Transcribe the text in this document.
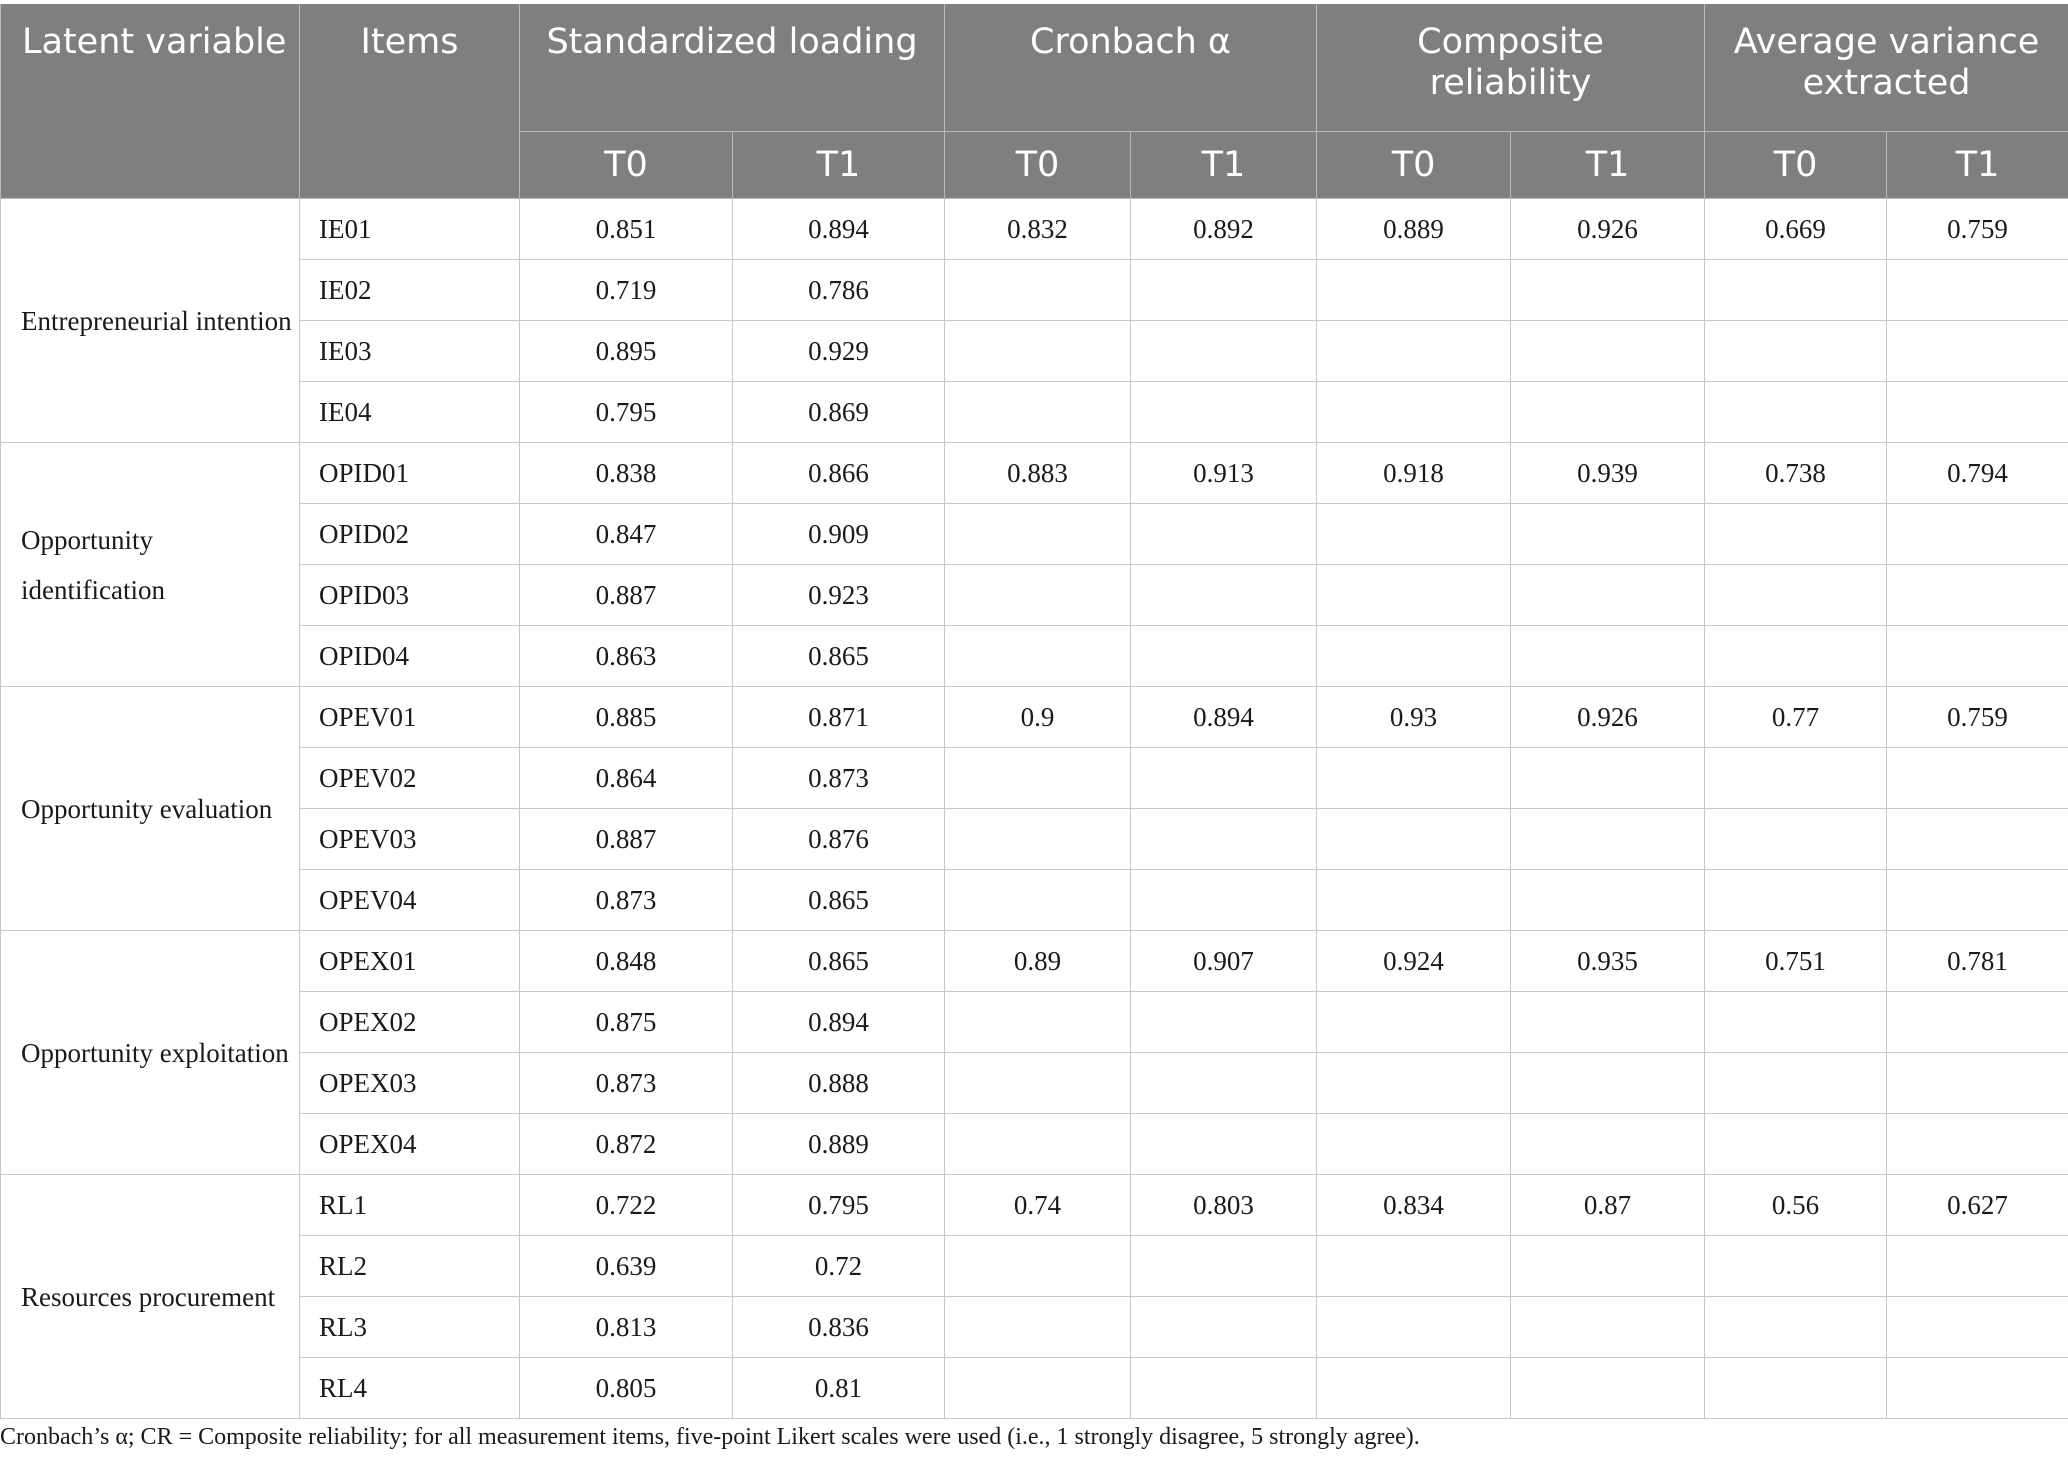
Latent variable	Items	Standardized loading		Cronbach α		Composite reliability		Average variance extracted	
		T0	T1	T0	T1	T0	T1	T0	T1
Entrepreneurial intention	IE01	0.851	0.894	0.832	0.892	0.889	0.926	0.669	0.759
	IE02	0.719	0.786						
	IE03	0.895	0.929						
	IE04	0.795	0.869						
Opportunity identification	OPID01	0.838	0.866	0.883	0.913	0.918	0.939	0.738	0.794
	OPID02	0.847	0.909						
	OPID03	0.887	0.923						
	OPID04	0.863	0.865						
Opportunity evaluation	OPEV01	0.885	0.871	0.9	0.894	0.93	0.926	0.77	0.759
	OPEV02	0.864	0.873						
	OPEV03	0.887	0.876						
	OPEV04	0.873	0.865						
Opportunity exploitation	OPEX01	0.848	0.865	0.89	0.907	0.924	0.935	0.751	0.781
	OPEX02	0.875	0.894						
	OPEX03	0.873	0.888						
	OPEX04	0.872	0.889						
Resources procurement	RL1	0.722	0.795	0.74	0.803	0.834	0.87	0.56	0.627
	RL2	0.639	0.72						
	RL3	0.813	0.836						
	RL4	0.805	0.81						
Cronbach’s α; CR = Composite reliability; for all measurement items, five-point Likert scales were used (i.e., 1 strongly disagree, 5 strongly agree).
